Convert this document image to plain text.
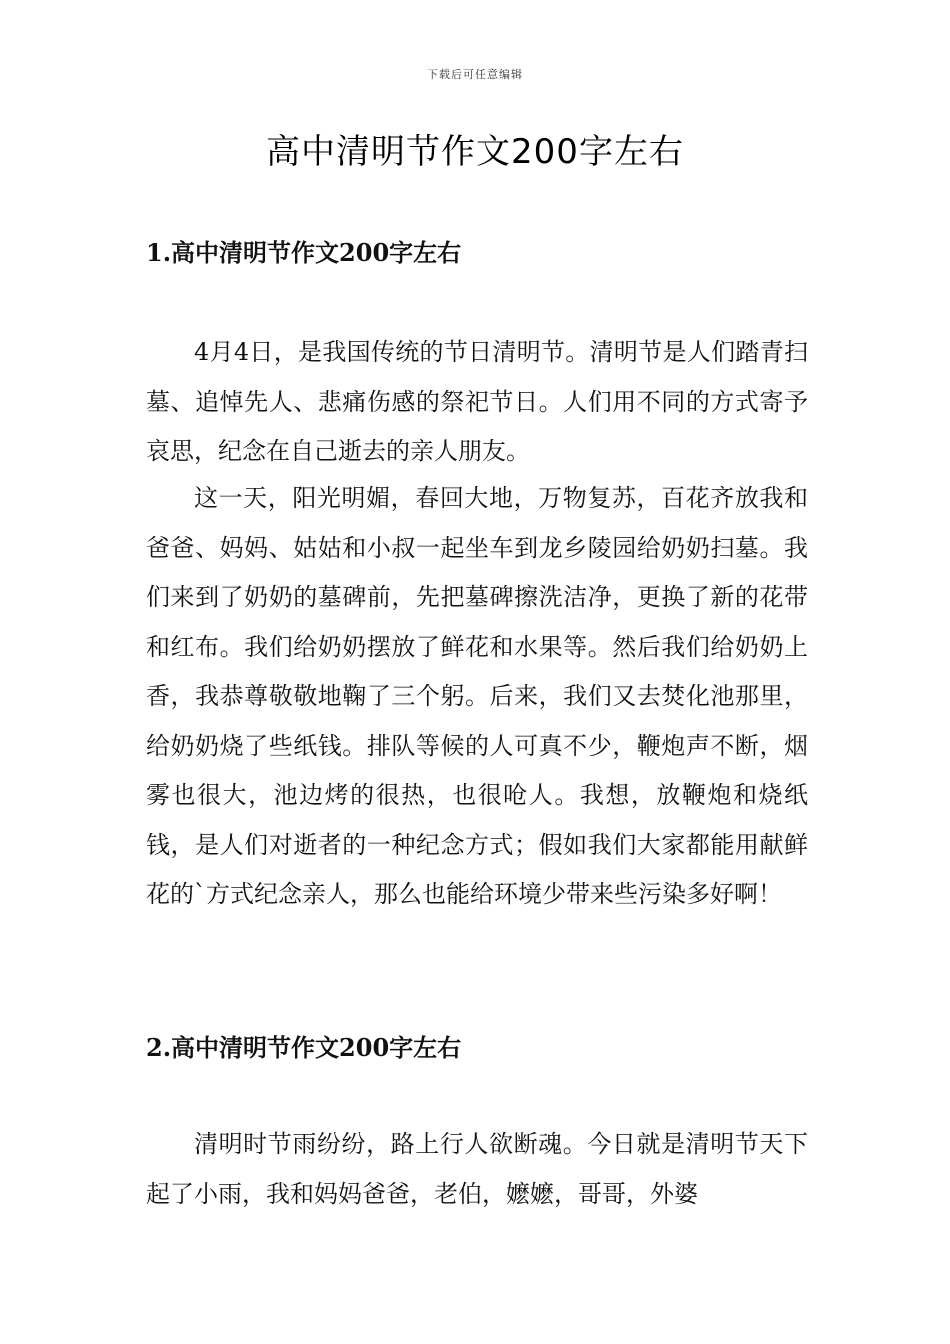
下载后可任意编辑
高中清明节作文200字左右
1.高中清明节作文200字左右

4月4日，是我国传统的节日清明节。清明节是人们踏青扫墓、追悼先人、悲痛伤感的祭祀节日。人们用不同的方式寄予哀思，纪念在自己逝去的亲人朋友。

这一天，阳光明媚，春回大地，万物复苏，百花齐放我和爸爸、妈妈、姑姑和小叔一起坐车到龙乡陵园给奶奶扫墓。我们来到了奶奶的墓碑前，先把墓碑擦洗洁净，更换了新的花带和红布。我们给奶奶摆放了鲜花和水果等。然后我们给奶奶上香，我恭尊敬敬地鞠了三个躬。后来，我们又去焚化池那里，给奶奶烧了些纸钱。排队等候的人可真不少，鞭炮声不断，烟雾也很大，池边烤的很热，也很呛人。我想，放鞭炮和烧纸钱，是人们对逝者的一种纪念方式；假如我们大家都能用献鲜花的`方式纪念亲人，那么也能给环境少带来些污染多好啊！

2.高中清明节作文200字左右

清明时节雨纷纷，路上行人欲断魂。今日就是清明节天下起了小雨，我和妈妈爸爸，老伯，嬷嬷，哥哥，外婆
